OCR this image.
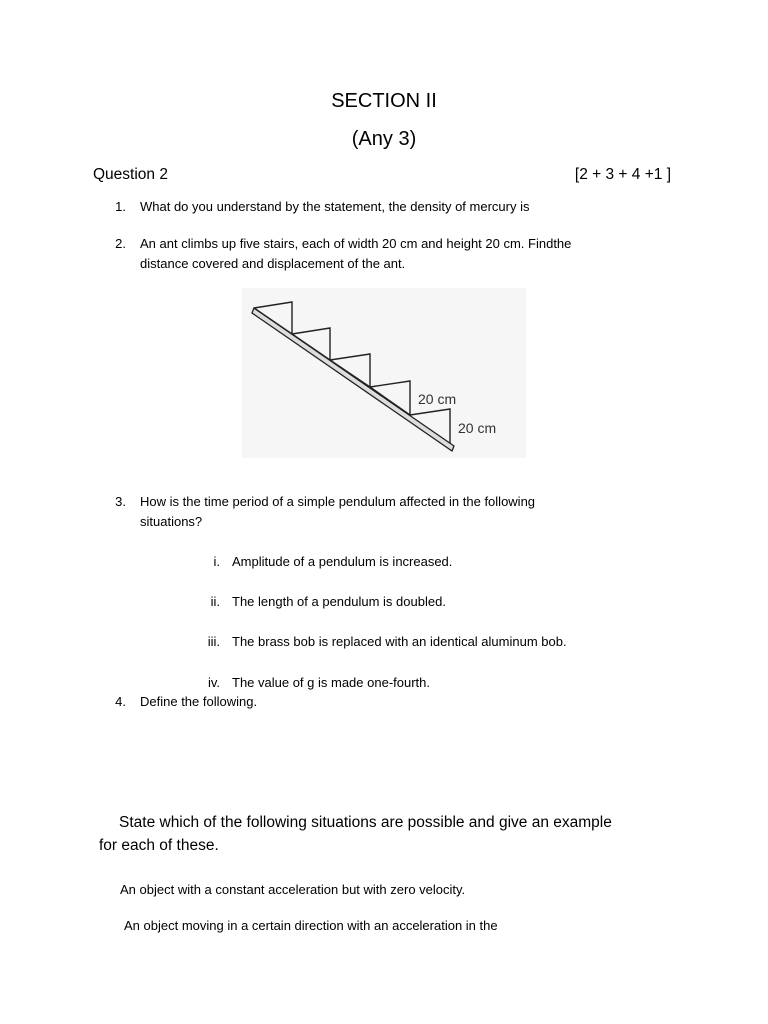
SECTION II
(Any 3)
Question 2	[2 + 3 + 4 +1 ]
1. What do you understand by the statement, the density of mercury is
2. An ant climbs up five stairs, each of width 20 cm and height 20 cm. Findthe
distance covered and displacement of the ant.
20 cm
20 cm
3. How is the time period of a simple pendulum affected in the following
situations?
i. Amplitude of a pendulum is increased.
ii. The length of a pendulum is doubled.
iii. The brass bob is replaced with an identical aluminum bob.
iv. The value of g is made one-fourth.
4. Define the following.
State which of the following situations are possible and give an example
for each of these.
An object with a constant acceleration but with zero velocity.
An object moving in a certain direction with an acceleration in the
